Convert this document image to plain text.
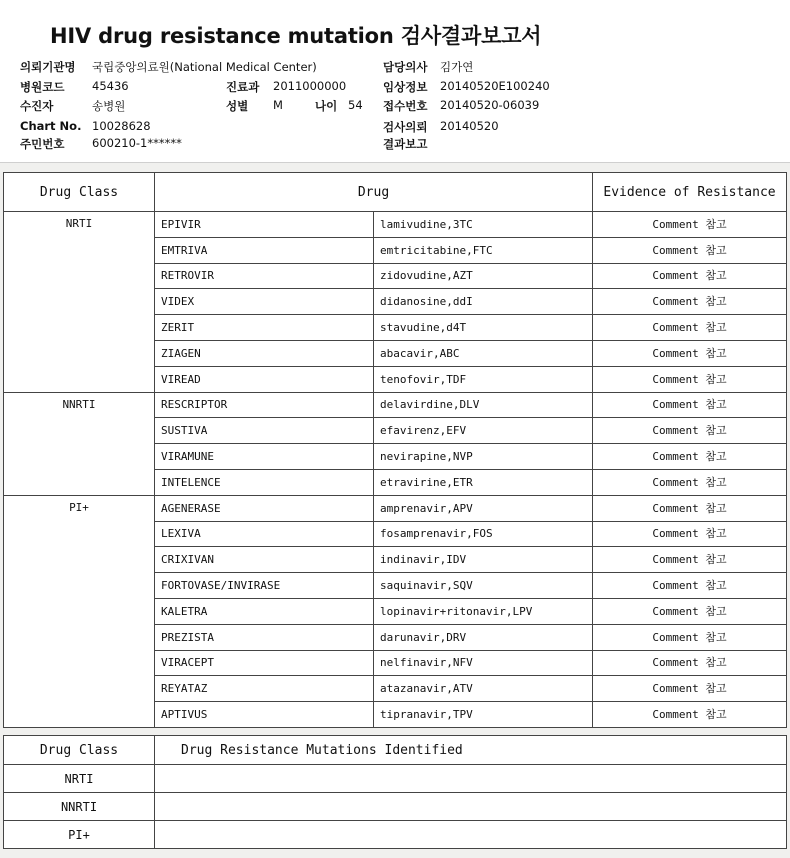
HIV drug resistance mutation 검사결과보고서
의뢰기관명 국립중앙의료원(National Medical Center)	담당의사 김가연
병원코드 45436	진료과 2011000000	임상정보 20140520E100240
수진자	송병원	성별 M	나이 54 접수번호 20140520-06039
Chart No. 10028628	검사의뢰 20140520
주민번호 600210-1******	결과보고
Drug Class	Drug		Evidence of Resistance
NRTI	EPIVIR	lamivudine,3TC	Comment 참고
	EMTRIVA	emtricitabine,FTC	Comment 참고
	RETROVIR	zidovudine,AZT	Comment 참고
	VIDEX	didanosine,ddI	Comment 참고
	ZERIT	stavudine,d4T	Comment 참고
	ZIAGEN	abacavir,ABC	Comment 참고
	VIREAD	tenofovir,TDF	Comment 참고
NNRTI	RESCRIPTOR	delavirdine,DLV	Comment 참고
	SUSTIVA	efavirenz,EFV	Comment 참고
	VIRAMUNE	nevirapine,NVP	Comment 참고
	INTELENCE	etravirine,ETR	Comment 참고
PI+	AGENERASE	amprenavir,APV	Comment 참고
	LEXIVA	fosamprenavir,FOS	Comment 참고
	CRIXIVAN	indinavir,IDV	Comment 참고
	FORTOVASE/INVIRASE	saquinavir,SQV	Comment 참고
	KALETRA	lopinavir+ritonavir,LPV	Comment 참고
	PREZISTA	darunavir,DRV	Comment 참고
	VIRACEPT	nelfinavir,NFV	Comment 참고
	REYATAZ	atazanavir,ATV	Comment 참고
	APTIVUS	tipranavir,TPV	Comment 참고
Drug Class	Drug Resistance Mutations Identified
NRTI	
NNRTI	
PI+	
